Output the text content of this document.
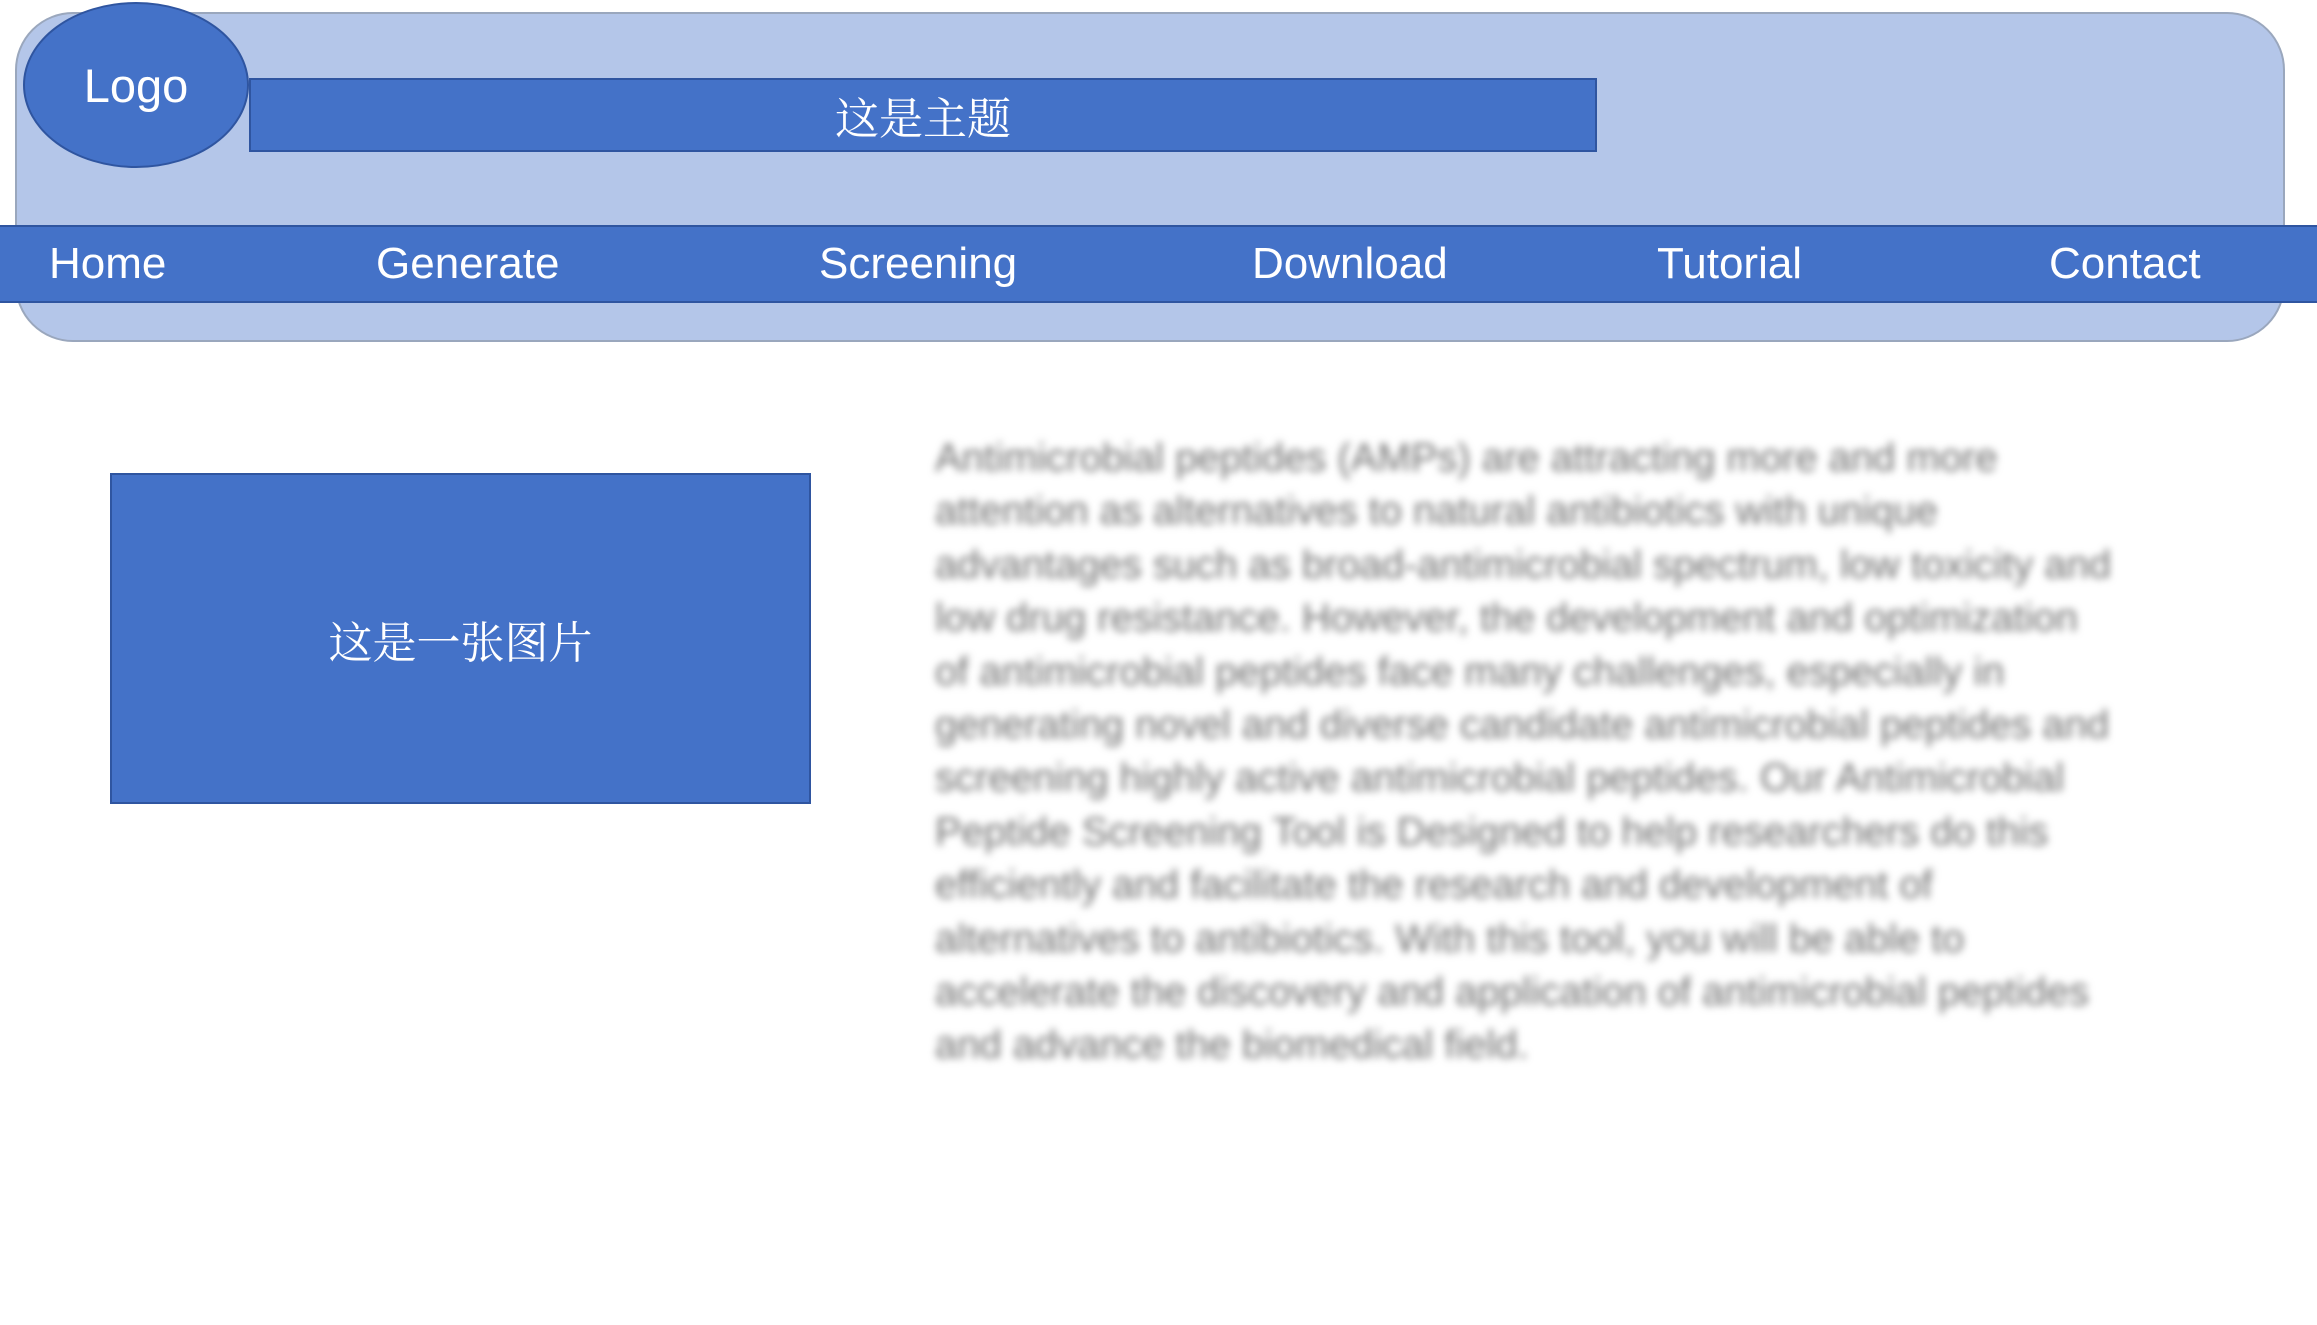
Logo
这是主题
Home	Generate	Screening	Download	Tutorial	Contact
这是一张图片
Antimicrobial peptides (AMPs) are attracting more and more
attention as alternatives to natural antibiotics with unique
advantages such as broad-antimicrobial spectrum, low toxicity and
low drug resistance. However, the development and optimization
of antimicrobial peptides face many challenges, especially in
generating novel and diverse candidate antimicrobial peptides and
screening highly active antimicrobial peptides. Our Antimicrobial
Peptide Screening Tool is Designed to help researchers do this
efficiently and facilitate the research and development of
alternatives to antibiotics. With this tool, you will be able to
accelerate the discovery and application of antimicrobial peptides
and advance the biomedical field.
